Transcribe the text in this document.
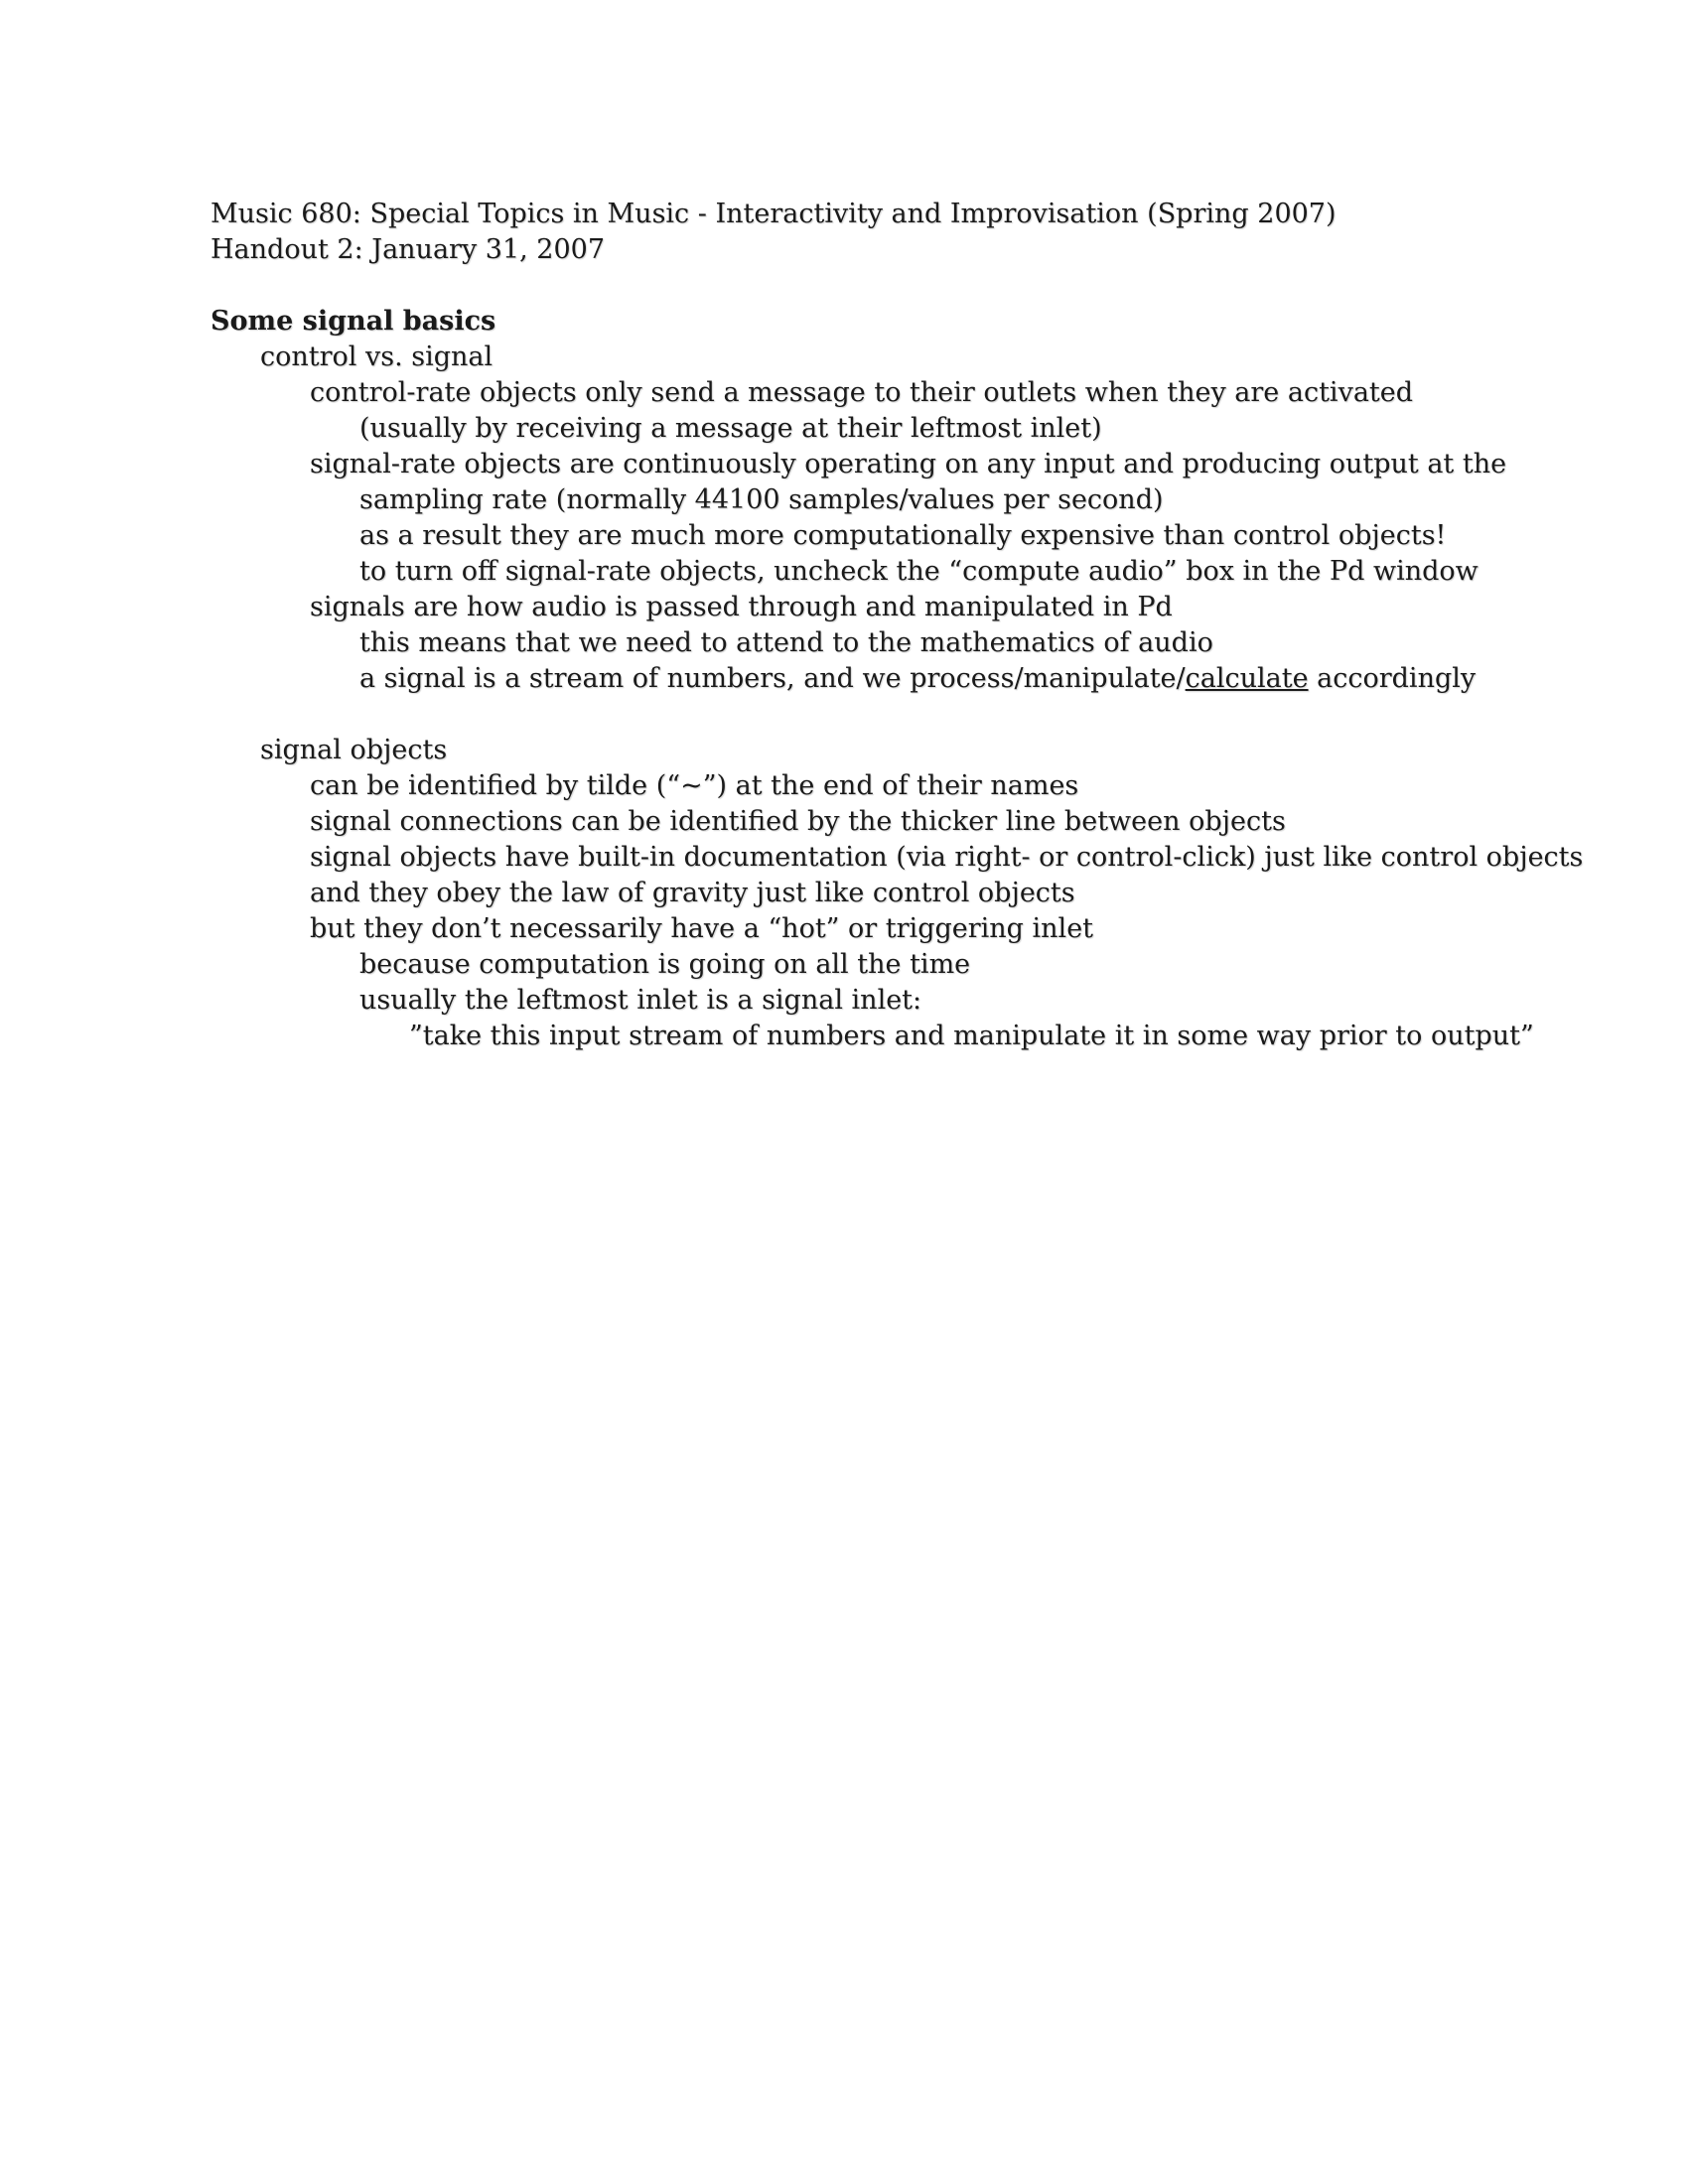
Music 680: Special Topics in Music - Interactivity and Improvisation (Spring 2007)
Handout 2: January 31, 2007
Some signal basics
control vs. signal
control-rate objects only send a message to their outlets when they are activated
(usually by receiving a message at their leftmost inlet)
signal-rate objects are continuously operating on any input and producing output at the
sampling rate (normally 44100 samples/values per second)
as a result they are much more computationally expensive than control objects!
to turn off signal-rate objects, uncheck the “compute audio” box in the Pd window
signals are how audio is passed through and manipulated in Pd
this means that we need to attend to the mathematics of audio
a signal is a stream of numbers, and we process/manipulate/calculate accordingly
signal objects
can be identified by tilde (“~”) at the end of their names
signal connections can be identified by the thicker line between objects
signal objects have built-in documentation (via right- or control-click) just like control objects
and they obey the law of gravity just like control objects
but they don’t necessarily have a “hot” or triggering inlet
because computation is going on all the time
usually the leftmost inlet is a signal inlet:
”take this input stream of numbers and manipulate it in some way prior to output”
